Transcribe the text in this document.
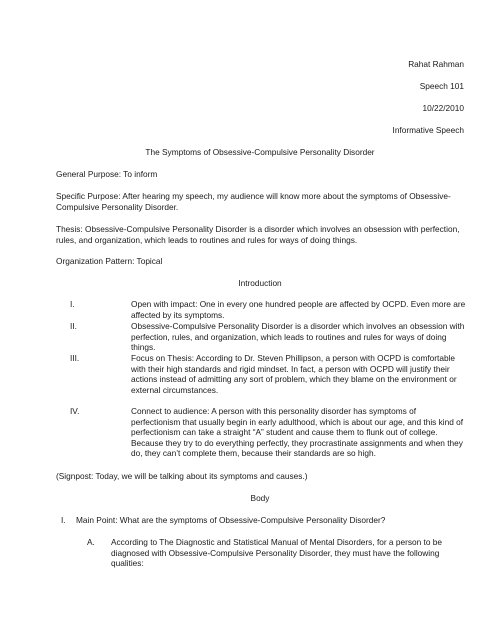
Rahat Rahman
Speech 101
10/22/2010
Informative Speech
The Symptoms of Obsessive-Compulsive Personality Disorder
General Purpose: To inform
Specific Purpose: After hearing my speech, my audience will know more about the symptoms of Obsessive-Compulsive Personality Disorder.
Thesis: Obsessive-Compulsive Personality Disorder is a disorder which involves an obsession with perfection, rules, and organization, which leads to routines and rules for ways of doing things.
Organization Pattern: Topical
Introduction
I.	Open with impact: One in every one hundred people are affected by OCPD. Even more are affected by its symptoms.
II.	Obsessive-Compulsive Personality Disorder is a disorder which involves an obsession with perfection, rules, and organization, which leads to routines and rules for ways of doing things.
III.	Focus on Thesis: According to Dr. Steven Phillipson, a person with OCPD is comfortable with their high standards and rigid mindset. In fact, a person with OCPD will justify their actions instead of admitting any sort of problem, which they blame on the environment or external circumstances.
IV.	Connect to audience: A person with this personality disorder has symptoms of perfectionism that usually begin in early adulthood, which is about our age, and this kind of perfectionism can take a straight “A” student and cause them to flunk out of college. Because they try to do everything perfectly, they procrastinate assignments and when they do, they can’t complete them, because their standards are so high.
(Signpost: Today, we will be talking about its symptoms and causes.)
Body
I. Main Point: What are the symptoms of Obsessive-Compulsive Personality Disorder?
A. According to The Diagnostic and Statistical Manual of Mental Disorders, for a person to be diagnosed with Obsessive-Compulsive Personality Disorder, they must have the following qualities:
